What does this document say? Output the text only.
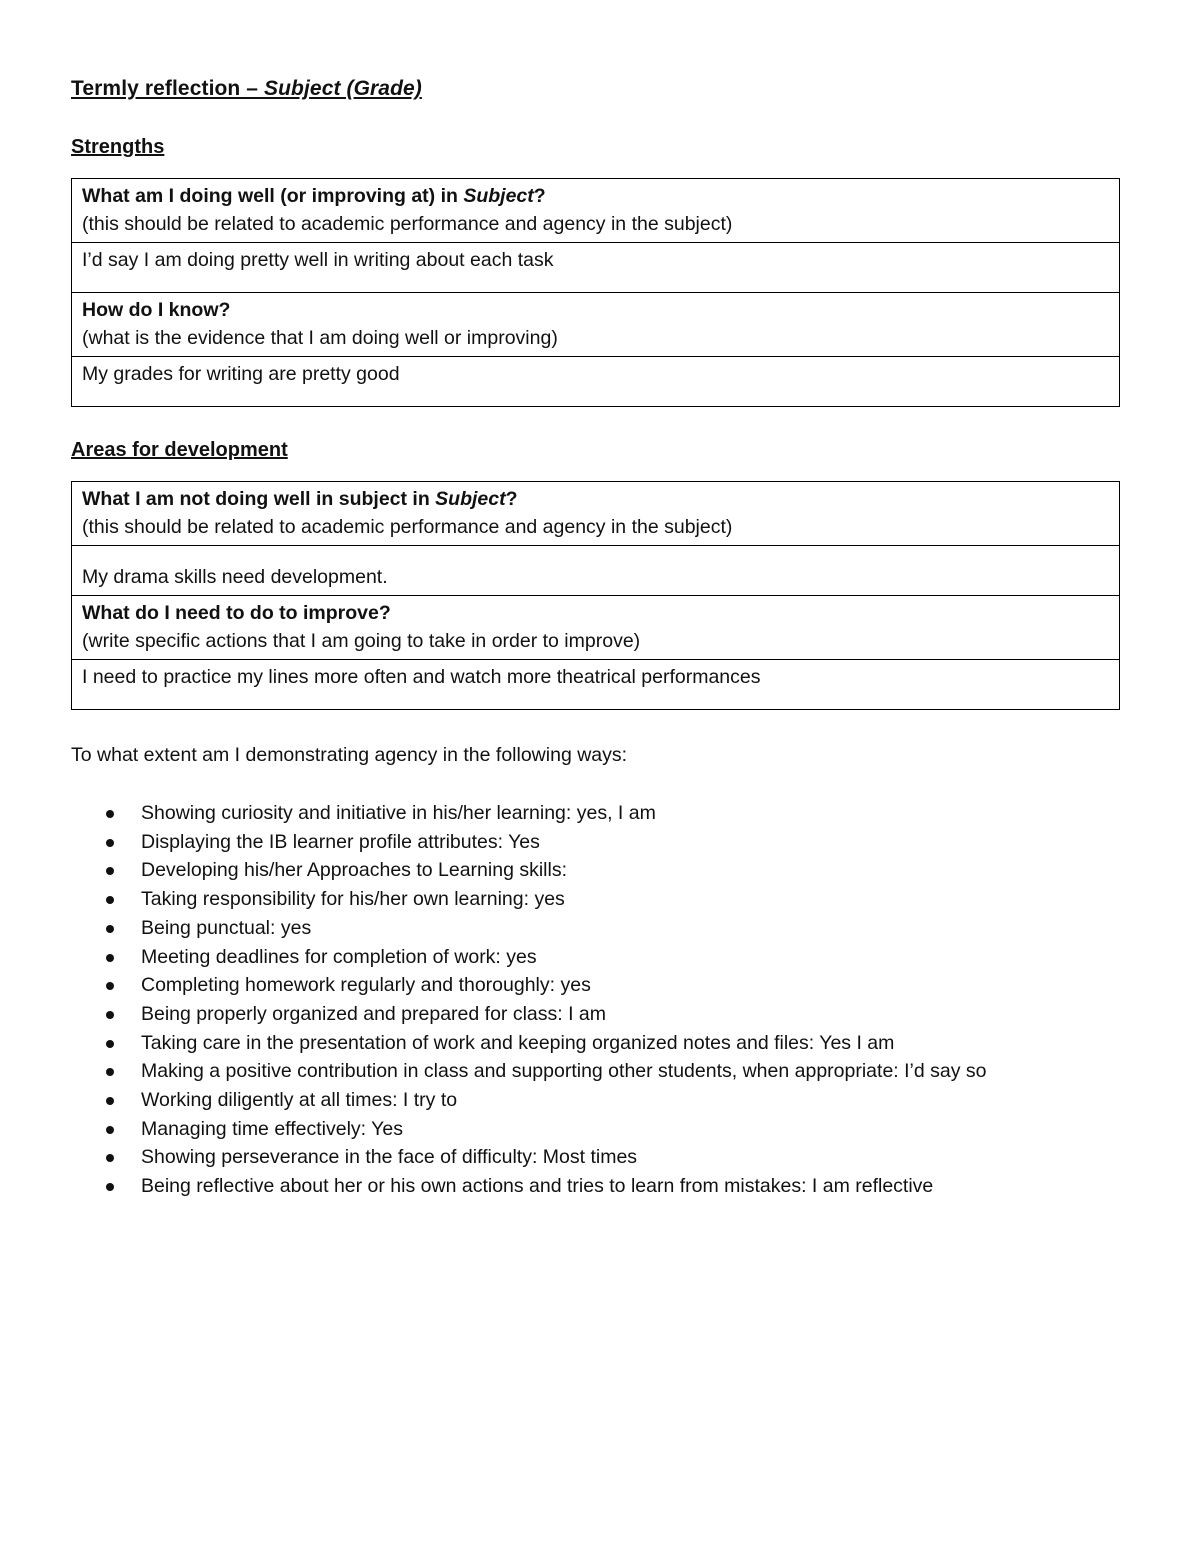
Termly reflection – Subject (Grade)
Strengths
What am I doing well (or improving at) in Subject?
(this should be related to academic performance and agency in the subject)

I’d say I am doing pretty well in writing about each task

How do I know?
(what is the evidence that I am doing well or improving)

My grades for writing are pretty good
Areas for development
What I am not doing well in subject in Subject?
(this should be related to academic performance and agency in the subject)

My drama skills need development.

What do I need to do to improve?
(write specific actions that I am going to take in order to improve)

I need to practice my lines more often and watch more theatrical performances

To what extent am I demonstrating agency in the following ways:

Showing curiosity and initiative in his/her learning: yes, I am
Displaying the IB learner profile attributes: Yes
Developing his/her Approaches to Learning skills:
Taking responsibility for his/her own learning: yes
Being punctual: yes
Meeting deadlines for completion of work: yes
Completing homework regularly and thoroughly: yes
Being properly organized and prepared for class: I am
Taking care in the presentation of work and keeping organized notes and files: Yes I am
Making a positive contribution in class and supporting other students, when appropriate: I’d say so
Working diligently at all times: I try to
Managing time effectively: Yes
Showing perseverance in the face of difficulty: Most times
Being reflective about her or his own actions and tries to learn from mistakes: I am reflective
